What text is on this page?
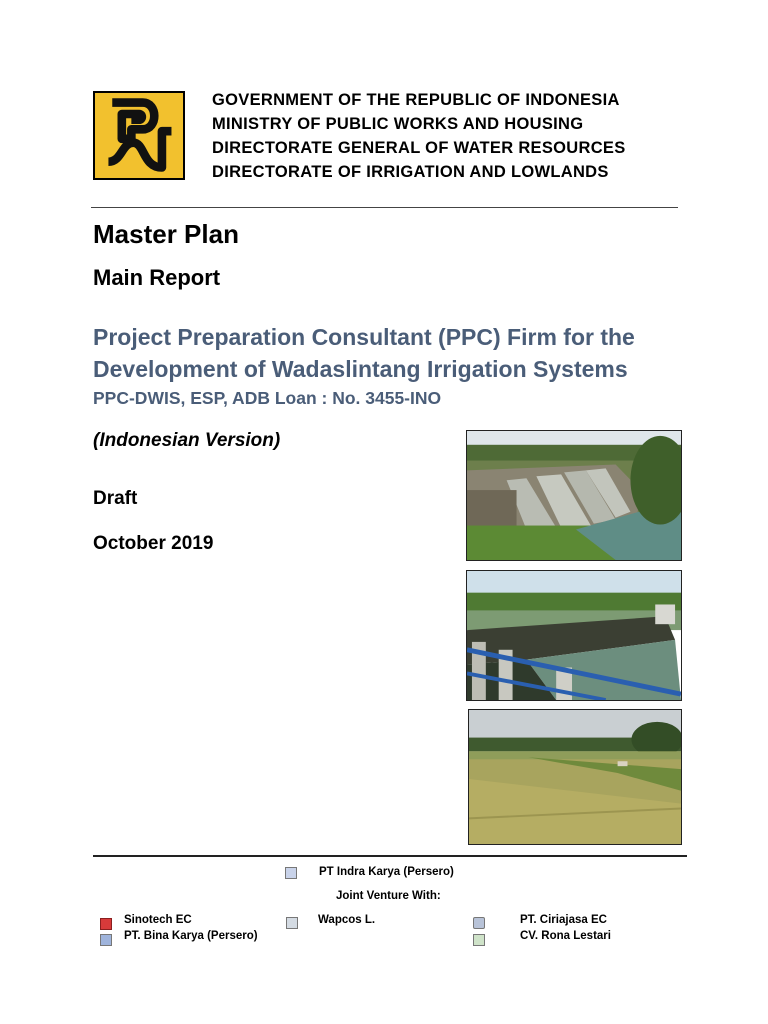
GOVERNMENT OF THE REPUBLIC OF INDONESIA
MINISTRY OF PUBLIC WORKS AND HOUSING
DIRECTORATE GENERAL OF WATER RESOURCES
DIRECTORATE OF IRRIGATION AND LOWLANDS
Master Plan
Main Report
Project Preparation Consultant (PPC) Firm for the
Development of Wadaslintang Irrigation Systems
PPC-DWIS, ESP, ADB Loan : No. 3455-INO
(Indonesian Version)
Draft
October 2019
PT Indra Karya (Persero)
Joint Venture With:
Sinotech EC
PT. Bina Karya (Persero)
Wapcos L.	PT. Ciriajasa EC
CV. Rona Lestari
